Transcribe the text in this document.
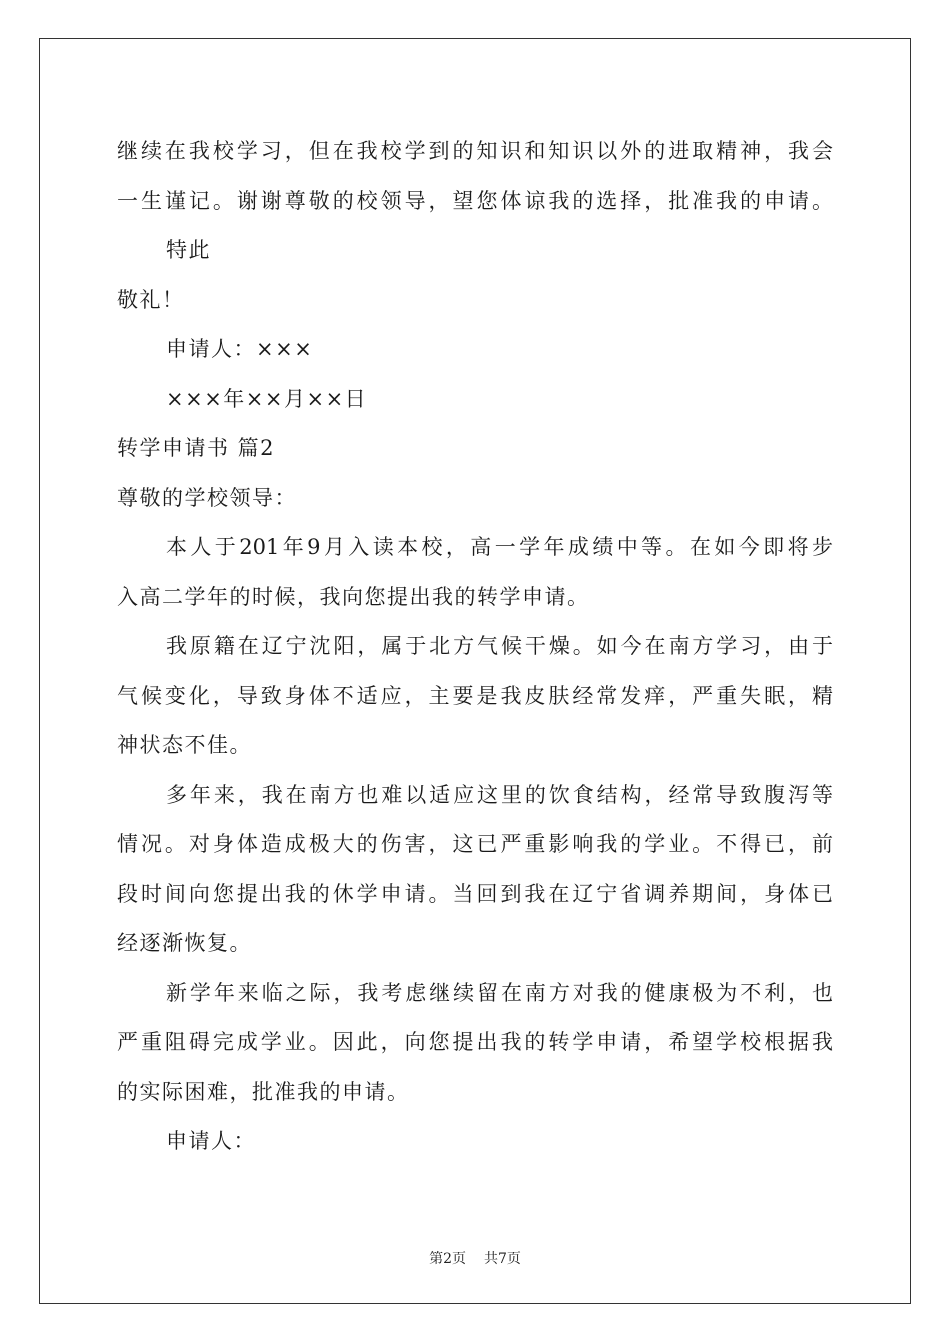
继续在我校学习，但在我校学到的知识和知识以外的进取精神，我会
一生谨记。谢谢尊敬的校领导，望您体谅我的选择，批准我的申请。
特此
敬礼！
申请人：×××
×××年××月××日
转学申请书 篇2
尊敬的学校领导：
本人于201年9月入读本校，高一学年成绩中等。在如今即将步
入高二学年的时候，我向您提出我的转学申请。
我原籍在辽宁沈阳，属于北方气候干燥。如今在南方学习，由于
气候变化，导致身体不适应，主要是我皮肤经常发痒，严重失眠，精
神状态不佳。
多年来，我在南方也难以适应这里的饮食结构，经常导致腹泻等
情况。对身体造成极大的伤害，这已严重影响我的学业。不得已，前
段时间向您提出我的休学申请。当回到我在辽宁省调养期间，身体已
经逐渐恢复。
新学年来临之际，我考虑继续留在南方对我的健康极为不利，也
严重阻碍完成学业。因此，向您提出我的转学申请，希望学校根据我
的实际困难，批准我的申请。
申请人：
第2页 共7页
